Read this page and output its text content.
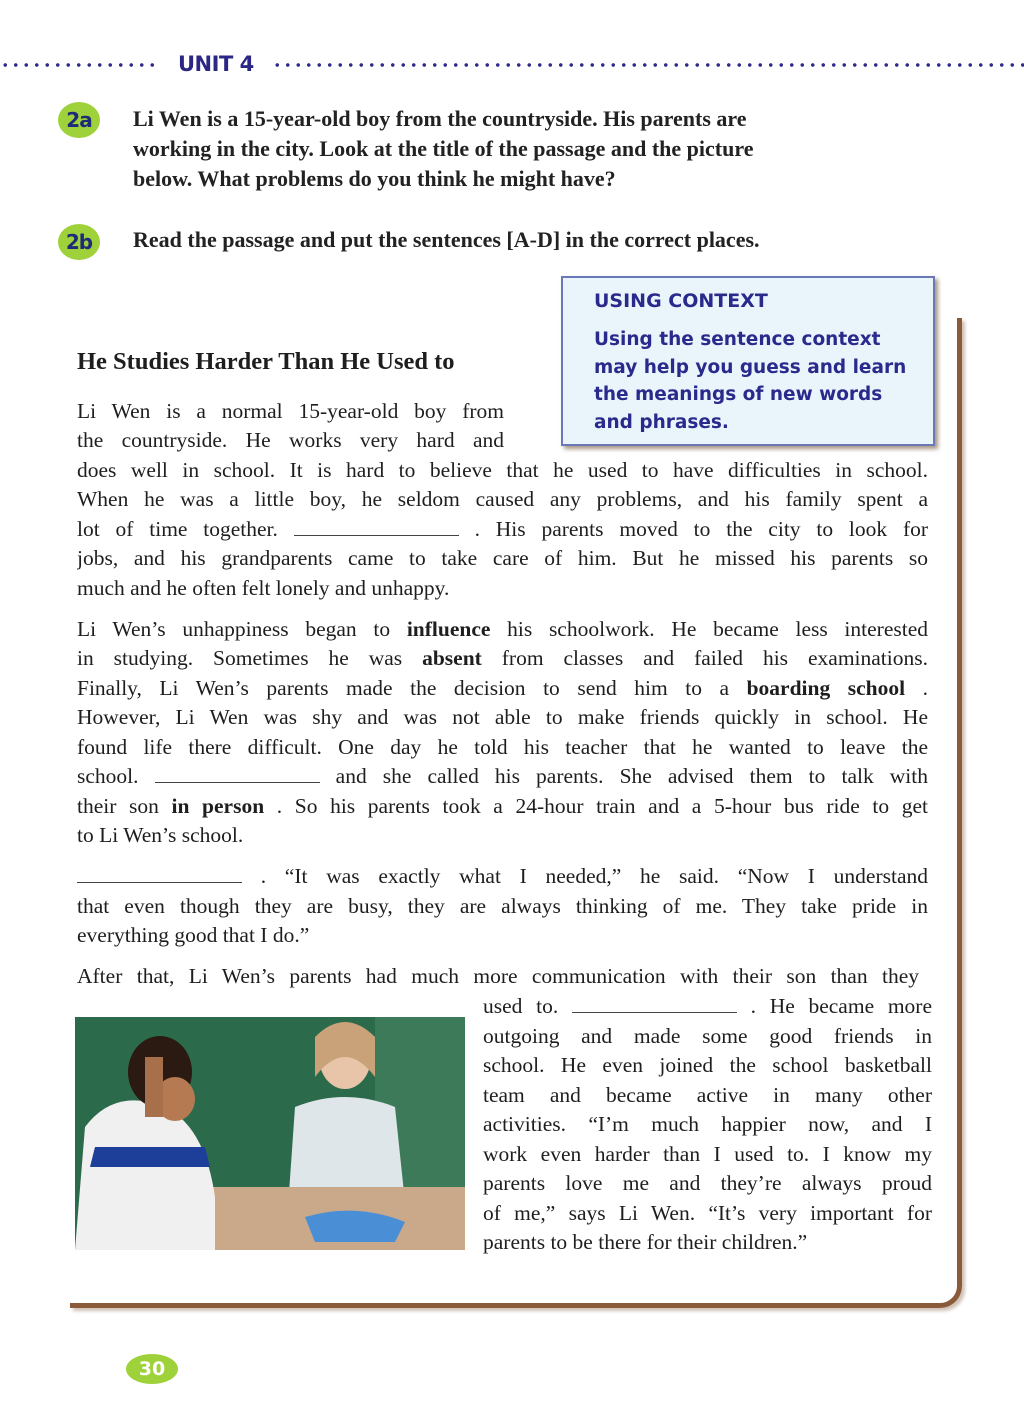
UNIT 4
2a	Li Wen is a 15-year-old boy from the countryside. His parents are
working in the city. Look at the title of the passage and the picture
below. What problems do you think he might have?
2b	Read the passage and put the sentences [A-D] in the correct places.
USING CONTEXT
Using the sentence context may help you guess and learn the meanings of new words and phrases.
He Studies Harder Than He Used to
Li Wen is a normal 15-year-old boy from
the countryside. He works very hard and
does well in school. It is hard to believe that he used to have difficulties in school.
When he was a little boy, he seldom caused any problems, and his family spent a
lot of time together.	. His parents moved to the city to look for
jobs, and his grandparents came to take care of him. But he missed his parents so
much and he often felt lonely and unhappy.
Li Wen’s unhappiness began to influence his schoolwork. He became less interested
in studying. Sometimes he was absent from classes and failed his examinations.
Finally, Li Wen’s parents made the decision to send him to a boarding school .
However, Li Wen was shy and was not able to make friends quickly in school. He
found life there difficult. One day he told his teacher that he wanted to leave the
school.	and she called his parents. She advised them to talk with
their son in person . So his parents took a 24-hour train and a 5-hour bus ride to get
to Li Wen’s school.
. “It was exactly what I needed,” he said. “Now I understand
that even though they are busy, they are always thinking of me. They take pride in
everything good that I do.”
After that, Li Wen’s parents had much more communication with their son than they
used to.	. He became more
outgoing and made some good friends in
school. He even joined the school basketball
team and became active in many other
activities. “I’m much happier now, and I
work even harder than I used to. I know my
parents love me and they’re always proud
of me,” says Li Wen. “It’s very important for
parents to be there for their children.”
30
